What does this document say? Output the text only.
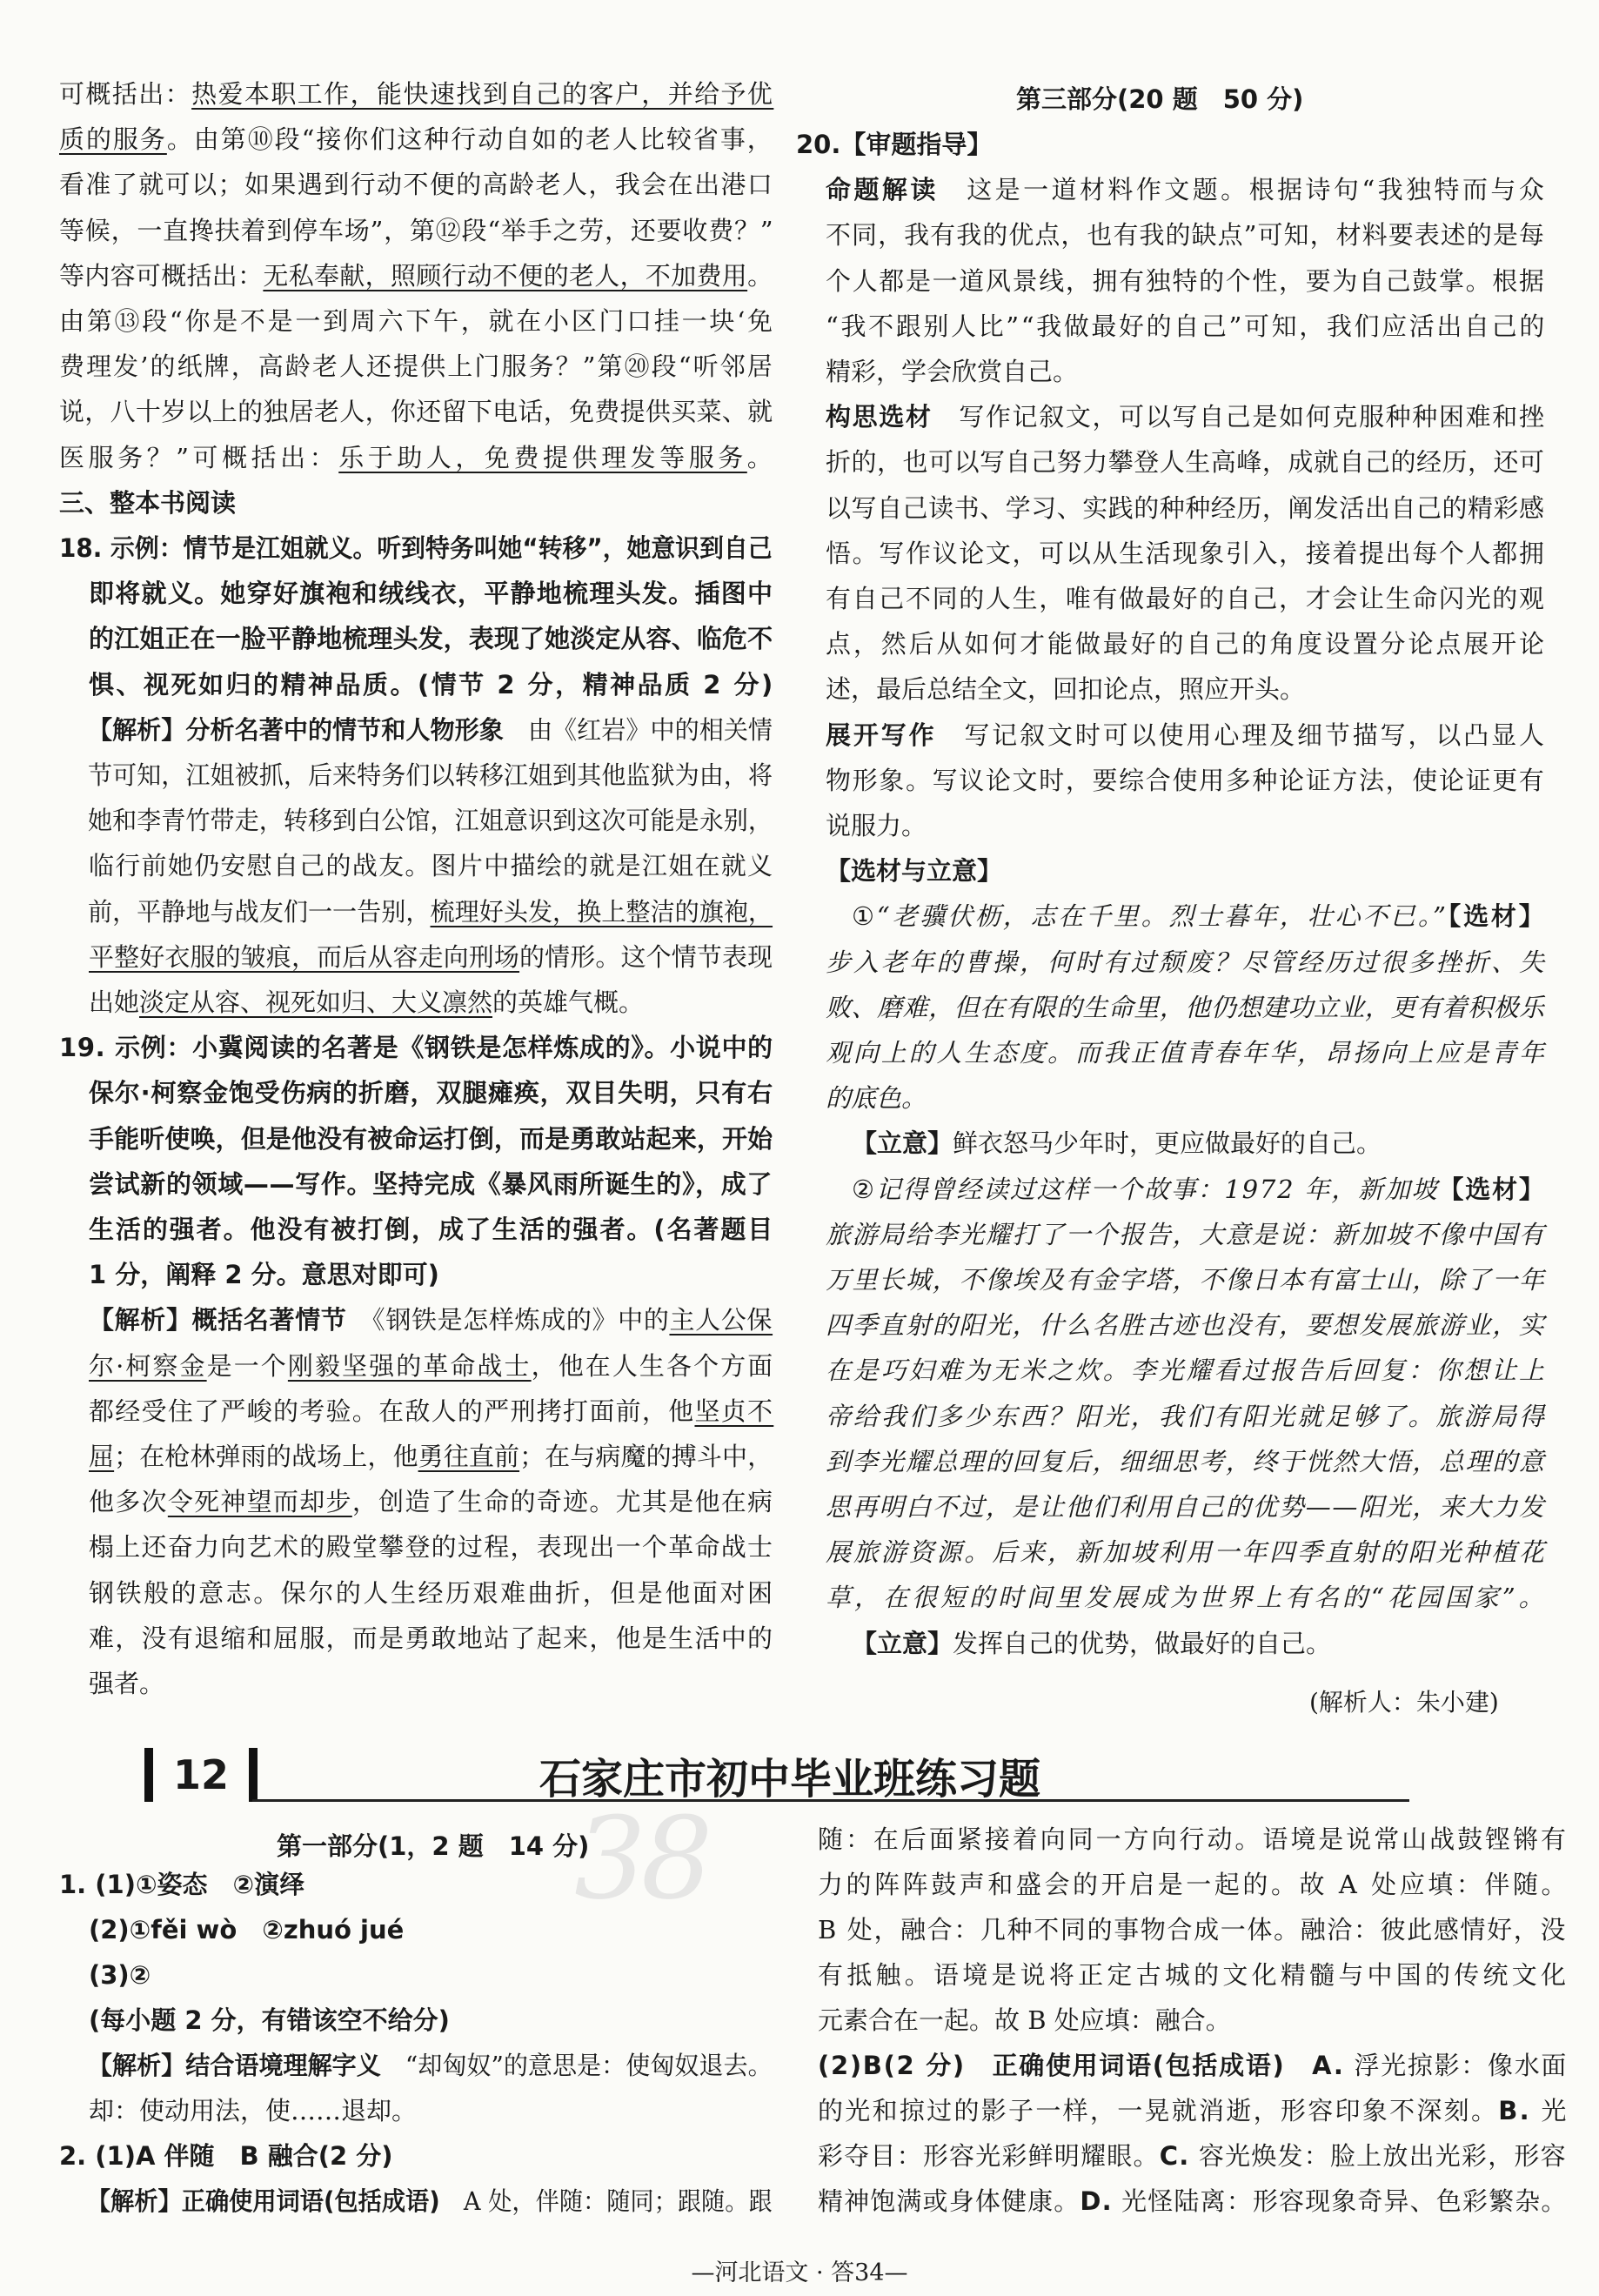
可概括出：热爱本职工作，能快速找到自己的客户，并给予优
质的服务。由第⑩段“接你们这种行动自如的老人比较省事，
看准了就可以；如果遇到行动不便的高龄老人，我会在出港口
等候，一直搀扶着到停车场”，第⑫段“举手之劳，还要收费？”
等内容可概括出：无私奉献，照顾行动不便的老人，不加费用。
由第⑬段“你是不是一到周六下午，就在小区门口挂一块‘免
费理发’的纸牌，高龄老人还提供上门服务？”第⑳段“听邻居
说，八十岁以上的独居老人，你还留下电话，免费提供买菜、就
医服务？”可概括出：乐于助人，免费提供理发等服务。
三、整本书阅读
18. 示例：情节是江姐就义。听到特务叫她“转移”，她意识到自己
即将就义。她穿好旗袍和绒线衣，平静地梳理头发。插图中
的江姐正在一脸平静地梳理头发，表现了她淡定从容、临危不
惧、视死如归的精神品质。(情节 2 分，精神品质 2 分)
【解析】分析名著中的情节和人物形象　由《红岩》中的相关情
节可知，江姐被抓，后来特务们以转移江姐到其他监狱为由，将
她和李青竹带走，转移到白公馆，江姐意识到这次可能是永别，
临行前她仍安慰自己的战友。图片中描绘的就是江姐在就义
前，平静地与战友们一一告别，梳理好头发，换上整洁的旗袍，
平整好衣服的皱痕，而后从容走向刑场的情形。这个情节表现
出她淡定从容、视死如归、大义凛然的英雄气概。
19. 示例：小冀阅读的名著是《钢铁是怎样炼成的》。小说中的
保尔·柯察金饱受伤病的折磨，双腿瘫痪，双目失明，只有右
手能听使唤，但是他没有被命运打倒，而是勇敢站起来，开始
尝试新的领域——写作。坚持完成《暴风雨所诞生的》，成了
生活的强者。他没有被打倒，成了生活的强者。(名著题目
1 分，阐释 2 分。意思对即可)
【解析】概括名著情节　《钢铁是怎样炼成的》中的主人公保
尔·柯察金是一个刚毅坚强的革命战士，他在人生各个方面
都经受住了严峻的考验。在敌人的严刑拷打面前，他坚贞不
屈；在枪林弹雨的战场上，他勇往直前；在与病魔的搏斗中，
他多次令死神望而却步，创造了生命的奇迹。尤其是他在病
榻上还奋力向艺术的殿堂攀登的过程，表现出一个革命战士
钢铁般的意志。保尔的人生经历艰难曲折，但是他面对困
难，没有退缩和屈服，而是勇敢地站了起来，他是生活中的
强者。
第三部分(20 题　50 分)
20.【审题指导】
命题解读　这是一道材料作文题。根据诗句“我独特而与众
不同，我有我的优点，也有我的缺点”可知，材料要表述的是每
个人都是一道风景线，拥有独特的个性，要为自己鼓掌。根据
“我不跟别人比”“我做最好的自己”可知，我们应活出自己的
精彩，学会欣赏自己。
构思选材　写作记叙文，可以写自己是如何克服种种困难和挫
折的，也可以写自己努力攀登人生高峰，成就自己的经历，还可
以写自己读书、学习、实践的种种经历，阐发活出自己的精彩感
悟。写作议论文，可以从生活现象引入，接着提出每个人都拥
有自己不同的人生，唯有做最好的自己，才会让生命闪光的观
点，然后从如何才能做最好的自己的角度设置分论点展开论
述，最后总结全文，回扣论点，照应开头。
展开写作　写记叙文时可以使用心理及细节描写，以凸显人
物形象。写议论文时，要综合使用多种论证方法，使论证更有
说服力。
【选材与立意】
①“老骥伏枥，志在千里。烈士暮年，壮心不已。”【选材】
步入老年的曹操，何时有过颓废？尽管经历过很多挫折、失
败、磨难，但在有限的生命里，他仍想建功立业，更有着积极乐
观向上的人生态度。而我正值青春年华，昂扬向上应是青年
的底色。
【立意】鲜衣怒马少年时，更应做最好的自己。
②记得曾经读过这样一个故事：1972 年，新加坡【选材】
旅游局给李光耀打了一个报告，大意是说：新加坡不像中国有
万里长城，不像埃及有金字塔，不像日本有富士山，除了一年
四季直射的阳光，什么名胜古迹也没有，要想发展旅游业，实
在是巧妇难为无米之炊。李光耀看过报告后回复：你想让上
帝给我们多少东西？阳光，我们有阳光就足够了。旅游局得
到李光耀总理的回复后，细细思考，终于恍然大悟，总理的意
思再明白不过，是让他们利用自己的优势——阳光，来大力发
展旅游资源。后来，新加坡利用一年四季直射的阳光种植花
草，在很短的时间里发展成为世界上有名的“花园国家”。
【立意】发挥自己的优势，做最好的自己。
(解析人：朱小建)
12	石家庄市初中毕业班练习题
38
第一部分(1，2 题　14 分)
1. (1)①姿态　②演绎
(2)①fěi wò　②zhuó jué
(3)②
(每小题 2 分，有错该空不给分)
【解析】结合语境理解字义　“却匈奴”的意思是：使匈奴退去。
却：使动用法，使……退却。
2. (1)A 伴随　B 融合(2 分)
【解析】正确使用词语(包括成语)　A 处，伴随：随同；跟随。跟
随：在后面紧接着向同一方向行动。语境是说常山战鼓铿锵有
力的阵阵鼓声和盛会的开启是一起的。故 A 处应填：伴随。
B 处，融合：几种不同的事物合成一体。融洽：彼此感情好，没
有抵触。语境是说将正定古城的文化精髓与中国的传统文化
元素合在一起。故 B 处应填：融合。
(2)B(2 分)　正确使用词语(包括成语)　A. 浮光掠影：像水面
的光和掠过的影子一样，一晃就消逝，形容印象不深刻。B. 光
彩夺目：形容光彩鲜明耀眼。C. 容光焕发：脸上放出光彩，形容
精神饱满或身体健康。D. 光怪陆离：形容现象奇异、色彩繁杂。
—河北语文 · 答34—
